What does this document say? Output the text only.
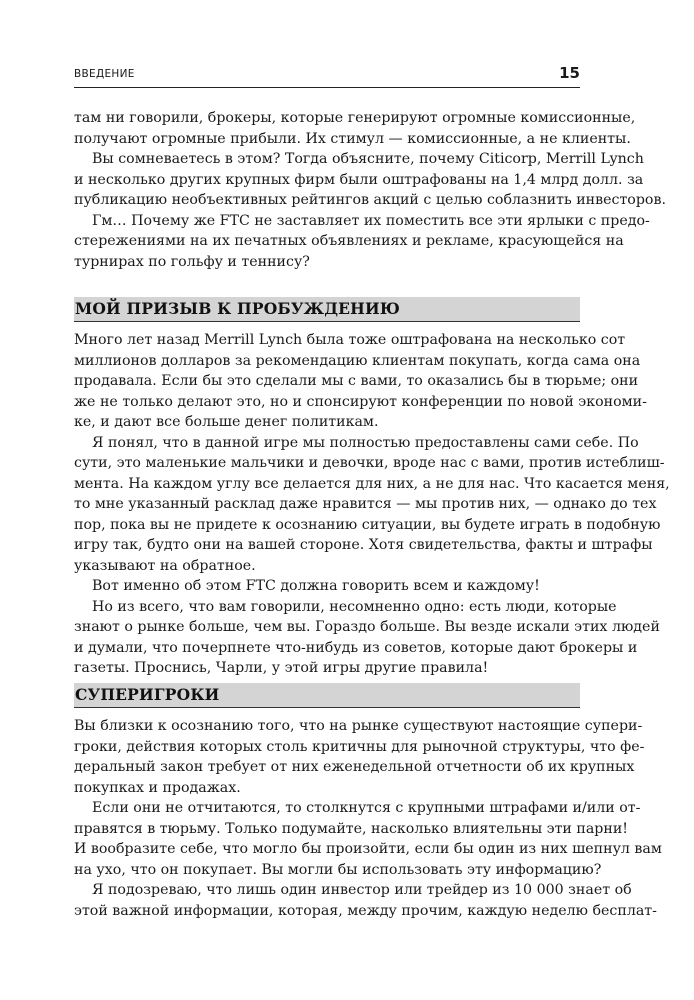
ВВЕДЕНИЕ	15
там ни говорили, брокеры, которые генерируют огромные комиссионные,
получают огромные прибыли. Их стимул — комиссионные, а не клиенты.
Вы сомневаетесь в этом? Тогда объясните, почему Citicorp, Merrill Lynch
и несколько других крупных фирм были оштрафованы на 1,4 млрд долл. за
публикацию необъективных рейтингов акций с целью соблазнить инвесторов.
Гм… Почему же FTC не заставляет их поместить все эти ярлыки с предо-
стережениями на их печатных объявлениях и рекламе, красующейся на
турнирах по гольфу и теннису?
МОЙ ПРИЗЫВ К ПРОБУЖДЕНИЮ
Много лет назад Merrill Lynch была тоже оштрафована на несколько сот
миллионов долларов за рекомендацию клиентам покупать, когда сама она
продавала. Если бы это сделали мы с вами, то оказались бы в тюрьме; они
же не только делают это, но и спонсируют конференции по новой экономи-
ке, и дают все больше денег политикам.
Я понял, что в данной игре мы полностью предоставлены сами себе. По
сути, это маленькие мальчики и девочки, вроде нас с вами, против истеблиш-
мента. На каждом углу все делается для них, а не для нас. Что касается меня,
то мне указанный расклад даже нравится — мы против них, — однако до тех
пор, пока вы не придете к осознанию ситуации, вы будете играть в подобную
игру так, будто они на вашей стороне. Хотя свидетельства, факты и штрафы
указывают на обратное.
Вот именно об этом FTC должна говорить всем и каждому!
Но из всего, что вам говорили, несомненно одно: есть люди, которые
знают о рынке больше, чем вы. Гораздо больше. Вы везде искали этих людей
и думали, что почерпнете что-нибудь из советов, которые дают брокеры и
газеты. Проснись, Чарли, у этой игры другие правила!
СУПЕРИГРОКИ
Вы близки к осознанию того, что на рынке существуют настоящие супери-
гроки, действия которых столь критичны для рыночной структуры, что фе-
деральный закон требует от них еженедельной отчетности об их крупных
покупках и продажах.
Если они не отчитаются, то столкнутся с крупными штрафами и/или от-
правятся в тюрьму. Только подумайте, насколько влиятельны эти парни!
И вообразите себе, что могло бы произойти, если бы один из них шепнул вам
на ухо, что он покупает. Вы могли бы использовать эту информацию?
Я подозреваю, что лишь один инвестор или трейдер из 10 000 знает об
этой важной информации, которая, между прочим, каждую неделю бесплат-
